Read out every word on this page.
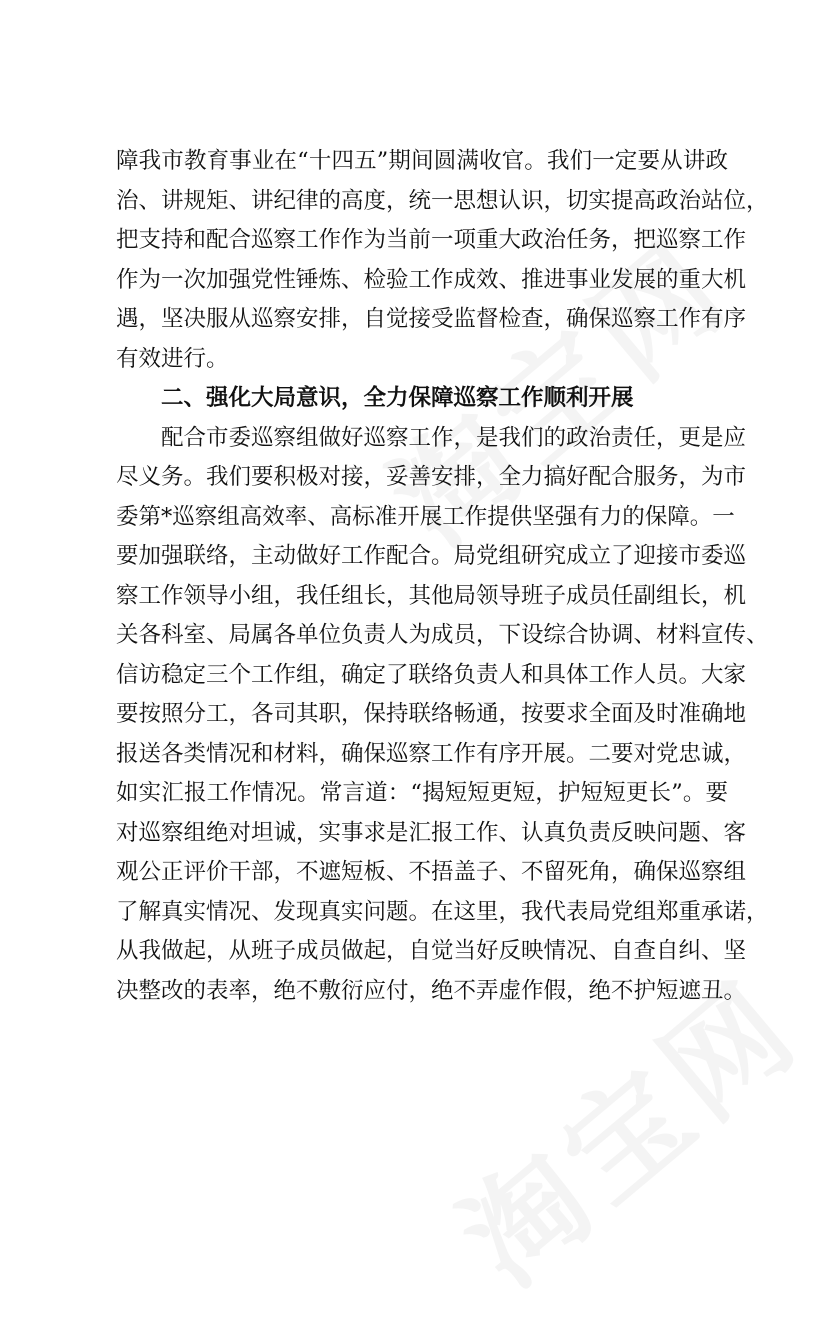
障我市教育事业在“十四五”期间圆满收官。我们一定要从讲政
治、讲规矩、讲纪律的高度，统一思想认识，切实提高政治站位，
把支持和配合巡察工作作为当前一项重大政治任务，把巡察工作
作为一次加强党性锤炼、检验工作成效、推进事业发展的重大机
遇，坚决服从巡察安排，自觉接受监督检查，确保巡察工作有序
有效进行。
二、强化大局意识，全力保障巡察工作顺利开展
配合市委巡察组做好巡察工作，是我们的政治责任，更是应
尽义务。我们要积极对接，妥善安排，全力搞好配合服务，为市
委第*巡察组高效率、高标准开展工作提供坚强有力的保障。一
要加强联络，主动做好工作配合。局党组研究成立了迎接市委巡
察工作领导小组，我任组长，其他局领导班子成员任副组长，机
关各科室、局属各单位负责人为成员，下设综合协调、材料宣传、
信访稳定三个工作组，确定了联络负责人和具体工作人员。大家
要按照分工，各司其职，保持联络畅通，按要求全面及时准确地
报送各类情况和材料，确保巡察工作有序开展。二要对党忠诚，
如实汇报工作情况。常言道：“揭短短更短，护短短更长”。要
对巡察组绝对坦诚，实事求是汇报工作、认真负责反映问题、客
观公正评价干部，不遮短板、不捂盖子、不留死角，确保巡察组
了解真实情况、发现真实问题。在这里，我代表局党组郑重承诺，
从我做起，从班子成员做起，自觉当好反映情况、自查自纠、坚
决整改的表率，绝不敷衍应付，绝不弄虚作假，绝不护短遮丑。
